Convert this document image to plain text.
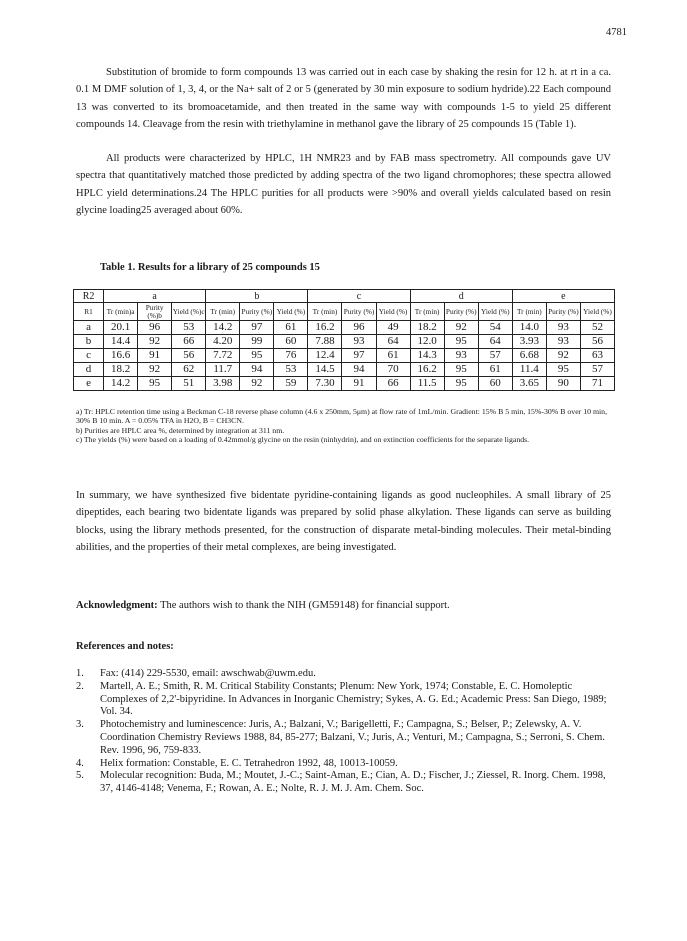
4781

Substitution of bromide to form compounds 13 was carried out in each case by shaking the resin for 12 h. at rt in a ca. 0.1 M DMF solution of 1, 3, 4, or the Na+ salt of 2 or 5 (generated by 30 min exposure to sodium hydride).22 Each compound 13 was converted to its bromoacetamide, and then treated in the same way with compounds 1-5 to yield 25 different compounds 14. Cleavage from the resin with triethylamine in methanol gave the library of 25 compounds 15 (Table 1).

All products were characterized by HPLC, 1H NMR23 and by FAB mass spectrometry. All compounds gave UV spectra that quantitatively matched those predicted by adding spectra of the two ligand chromophores; these spectra allowed HPLC yield determinations.24 The HPLC purities for all products were >90% and overall yields calculated based on resin glycine loading25 averaged about 60%.

Table 1. Results for a library of 25 compounds 15
R2	a			b			c			d			e		
R1	Tr (min)a	Purity (%)b	Yield (%)c	Tr (min)	Purity (%)	Yield (%)	Tr (min)	Purity (%)	Yield (%)	Tr (min)	Purity (%)	Yield (%)	Tr (min)	Purity (%)	Yield (%)
a	20.1	96	53	14.2	97	61	16.2	96	49	18.2	92	54	14.0	93	52
b	14.4	92	66	4.20	99	60	7.88	93	64	12.0	95	64	3.93	93	56
c	16.6	91	56	7.72	95	76	12.4	97	61	14.3	93	57	6.68	92	63
d	18.2	92	62	11.7	94	53	14.5	94	70	16.2	95	61	11.4	95	57
e	14.2	95	51	3.98	92	59	7.30	91	66	11.5	95	60	3.65	90	71
a) Tr: HPLC retention time using a Beckman C-18 reverse phase column (4.6 x 250mm, 5μm) at flow rate of 1mL/min. Gradient: 15% B 5 min, 15%-30% B over 10 min, 30% B 10 min. A = 0.05% TFA in H2O, B = CH3CN.
b) Purities are HPLC area %, determined by integration at 311 nm.
c) The yields (%) were based on a loading of 0.42mmol/g glycine on the resin (ninhydrin), and on extinction coefficients for the separate ligands.

In summary, we have synthesized five bidentate pyridine-containing ligands as good nucleophiles. A small library of 25 dipeptides, each bearing two bidentate ligands was prepared by solid phase alkylation. These ligands can serve as building blocks, using the library methods presented, for the construction of disparate metal-binding molecules. Their metal-binding abilities, and the properties of their metal complexes, are being investigated.

Acknowledgment: The authors wish to thank the NIH (GM59148) for financial support.
References and notes:
1.	Fax: (414) 229-5530, email: awschwab@uwm.edu.
2.	Martell, A. E.; Smith, R. M. Critical Stability Constants; Plenum: New York, 1974; Constable, E. C. Homoleptic Complexes of 2,2'-bipyridine. In Advances in Inorganic Chemistry; Sykes, A. G. Ed.; Academic Press: San Diego, 1989; Vol. 34.
3.	Photochemistry and luminescence: Juris, A.; Balzani, V.; Barigelletti, F.; Campagna, S.; Belser, P.; Zelewsky, A. V. Coordination Chemistry Reviews 1988, 84, 85-277; Balzani, V.; Juris, A.; Venturi, M.; Campagna, S.; Serroni, S. Chem. Rev. 1996, 96, 759-833.
4.	Helix formation: Constable, E. C. Tetrahedron 1992, 48, 10013-10059.
5.	Molecular recognition: Buda, M.; Moutet, J.-C.; Saint-Aman, E.; Cian, A. D.; Fischer, J.; Ziessel, R. Inorg. Chem. 1998, 37, 4146-4148; Venema, F.; Rowan, A. E.; Nolte, R. J. M. J. Am. Chem. Soc.
